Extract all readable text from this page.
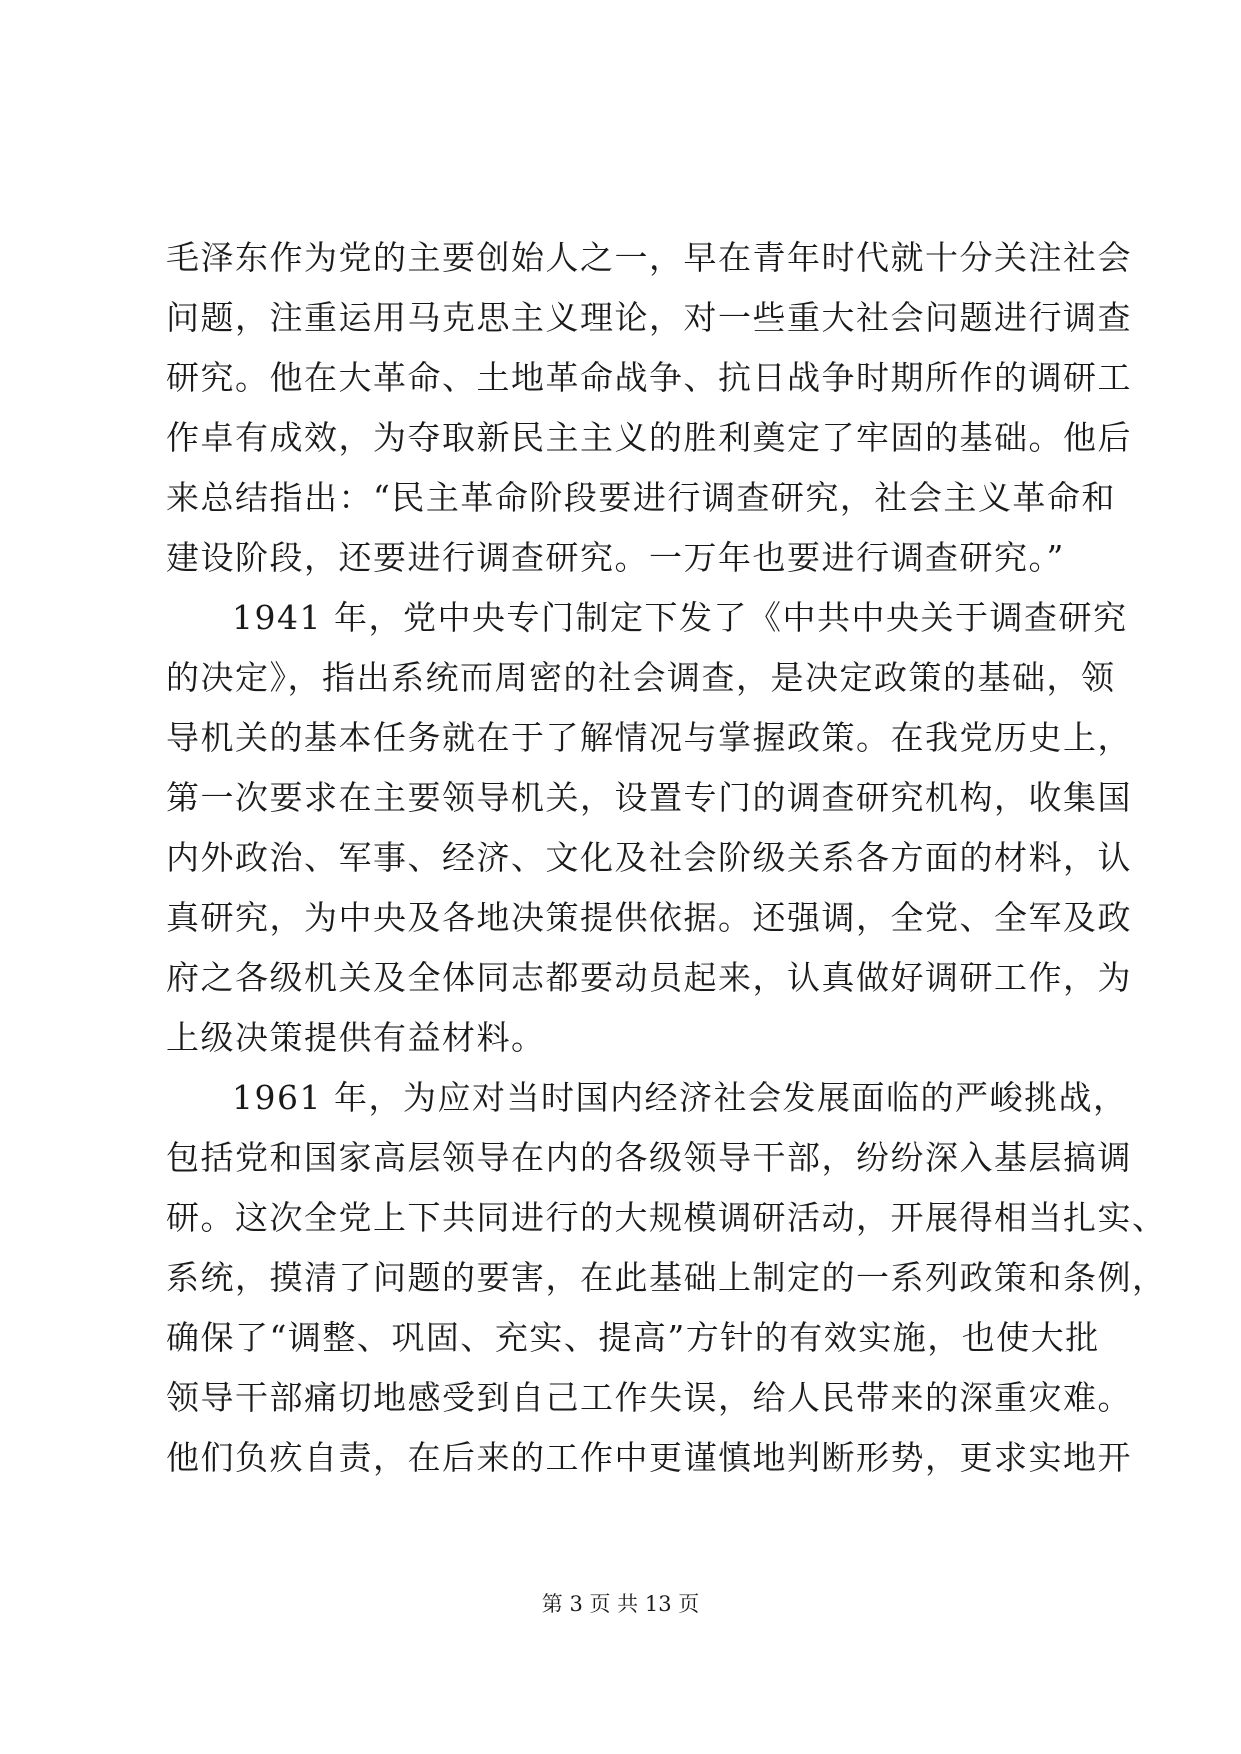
毛泽东作为党的主要创始人之一，早在青年时代就十分关注社会
问题，注重运用马克思主义理论，对一些重大社会问题进行调查
研究。他在大革命、土地革命战争、抗日战争时期所作的调研工
作卓有成效，为夺取新民主主义的胜利奠定了牢固的基础。他后
来总结指出：“民主革命阶段要进行调查研究，社会主义革命和
建设阶段，还要进行调查研究。一万年也要进行调查研究。”
1941 年，党中央专门制定下发了《中共中央关于调查研究
的决定》，指出系统而周密的社会调查，是决定政策的基础，领
导机关的基本任务就在于了解情况与掌握政策。在我党历史上，
第一次要求在主要领导机关，设置专门的调查研究机构，收集国
内外政治、军事、经济、文化及社会阶级关系各方面的材料，认
真研究，为中央及各地决策提供依据。还强调，全党、全军及政
府之各级机关及全体同志都要动员起来，认真做好调研工作，为
上级决策提供有益材料。
1961 年，为应对当时国内经济社会发展面临的严峻挑战，
包括党和国家高层领导在内的各级领导干部，纷纷深入基层搞调
研。这次全党上下共同进行的大规模调研活动，开展得相当扎实、
系统，摸清了问题的要害，在此基础上制定的一系列政策和条例，
确保了“调整、巩固、充实、提高”方针的有效实施，也使大批
领导干部痛切地感受到自己工作失误，给人民带来的深重灾难。
他们负疚自责，在后来的工作中更谨慎地判断形势，更求实地开
第 3 页 共 13 页
